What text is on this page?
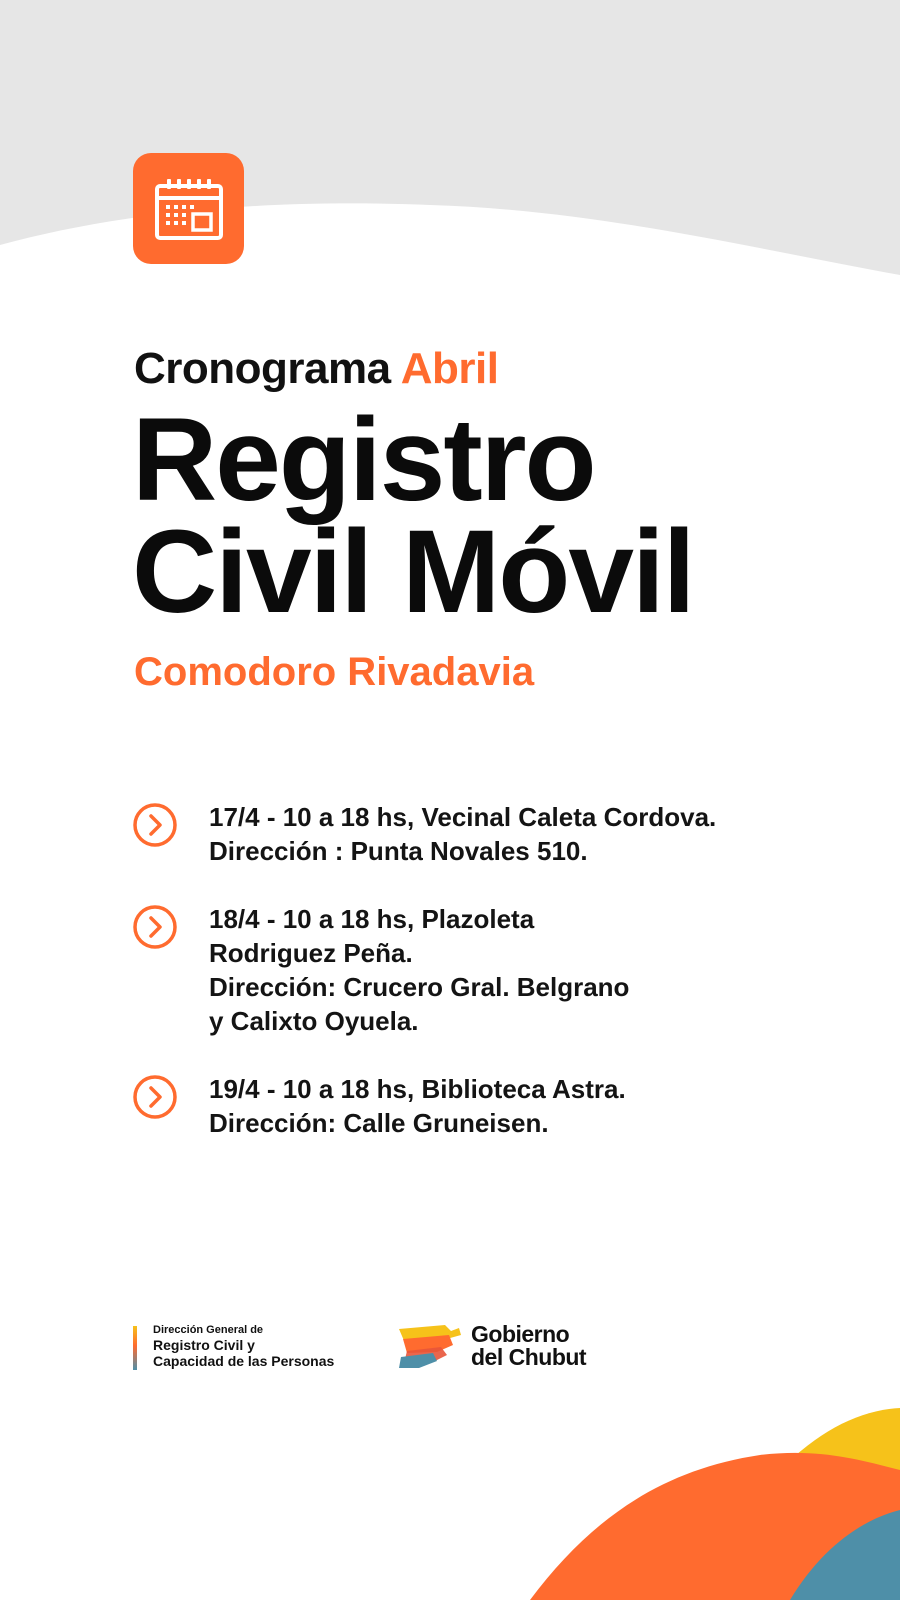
Cronograma Abril
Registro
Civil Móvil
Comodoro Rivadavia
17/4 - 10 a 18 hs, Vecinal Caleta Cordova.
Dirección : Punta Novales 510.
18/4 - 10 a 18 hs, Plazoleta
Rodriguez Peña.
Dirección: Crucero Gral. Belgrano
y Calixto Oyuela.
19/4 - 10 a 18 hs, Biblioteca Astra.
Dirección: Calle Gruneisen.
Dirección General de
Registro Civil y
Capacidad de las Personas
Gobierno
del Chubut
